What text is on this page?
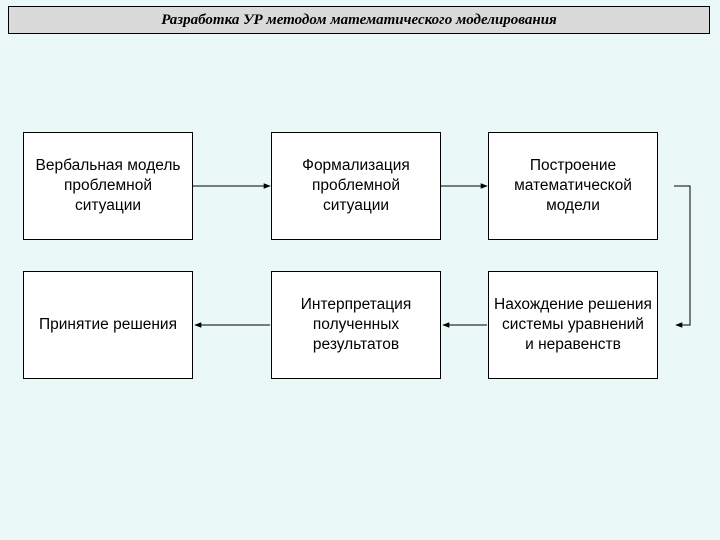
Разработка УР методом математического моделирования
Вербальная модель
проблемной
ситуации
Формализация
проблемной
ситуации
Построение
математической
модели
Принятие решения
Интерпретация
полученных
результатов
Нахождение решения
системы уравнений
и неравенств
